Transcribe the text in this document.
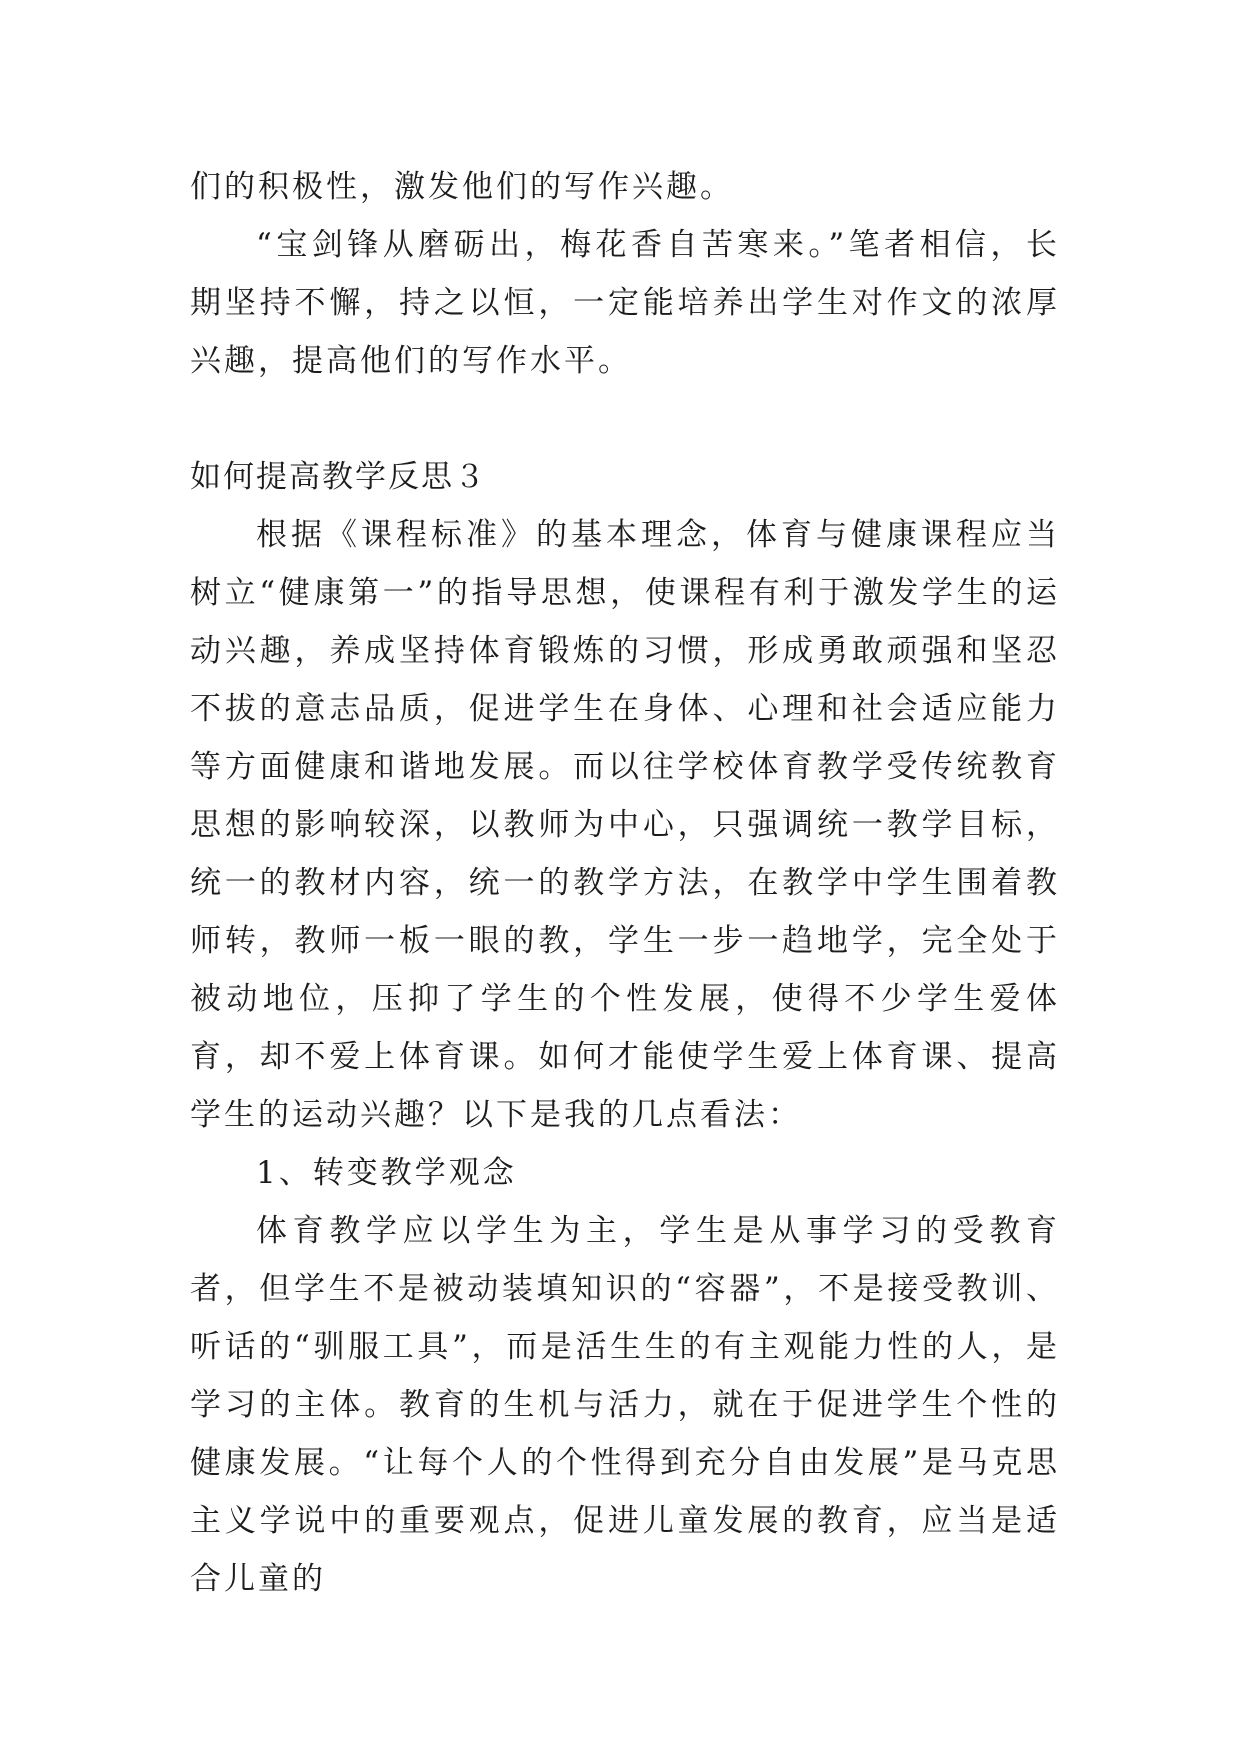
们的积极性，激发他们的写作兴趣。

“宝剑锋从磨砺出，梅花香自苦寒来。”笔者相信，长期坚持不懈，持之以恒，一定能培养出学生对作文的浓厚兴趣，提高他们的写作水平。

如何提高教学反思３

根据《课程标准》的基本理念，体育与健康课程应当树立“健康第一”的指导思想，使课程有利于激发学生的运动兴趣，养成坚持体育锻炼的习惯，形成勇敢顽强和坚忍不拔的意志品质，促进学生在身体、心理和社会适应能力等方面健康和谐地发展。而以往学校体育教学受传统教育思想的影响较深，以教师为中心，只强调统一教学目标，统一的教材内容，统一的教学方法，在教学中学生围着教师转，教师一板一眼的教，学生一步一趋地学，完全处于被动地位，压抑了学生的个性发展，使得不少学生爱体育，却不爱上体育课。如何才能使学生爱上体育课、提高学生的运动兴趣？以下是我的几点看法：

1、转变教学观念

体育教学应以学生为主，学生是从事学习的受教育者，但学生不是被动装填知识的“容器”，不是接受教训、听话的“驯服工具”，而是活生生的有主观能力性的人，是学习的主体。教育的生机与活力，就在于促进学生个性的健康发展。“让每个人的个性得到充分自由发展”是马克思主义学说中的重要观点，促进儿童发展的教育，应当是适合儿童的
